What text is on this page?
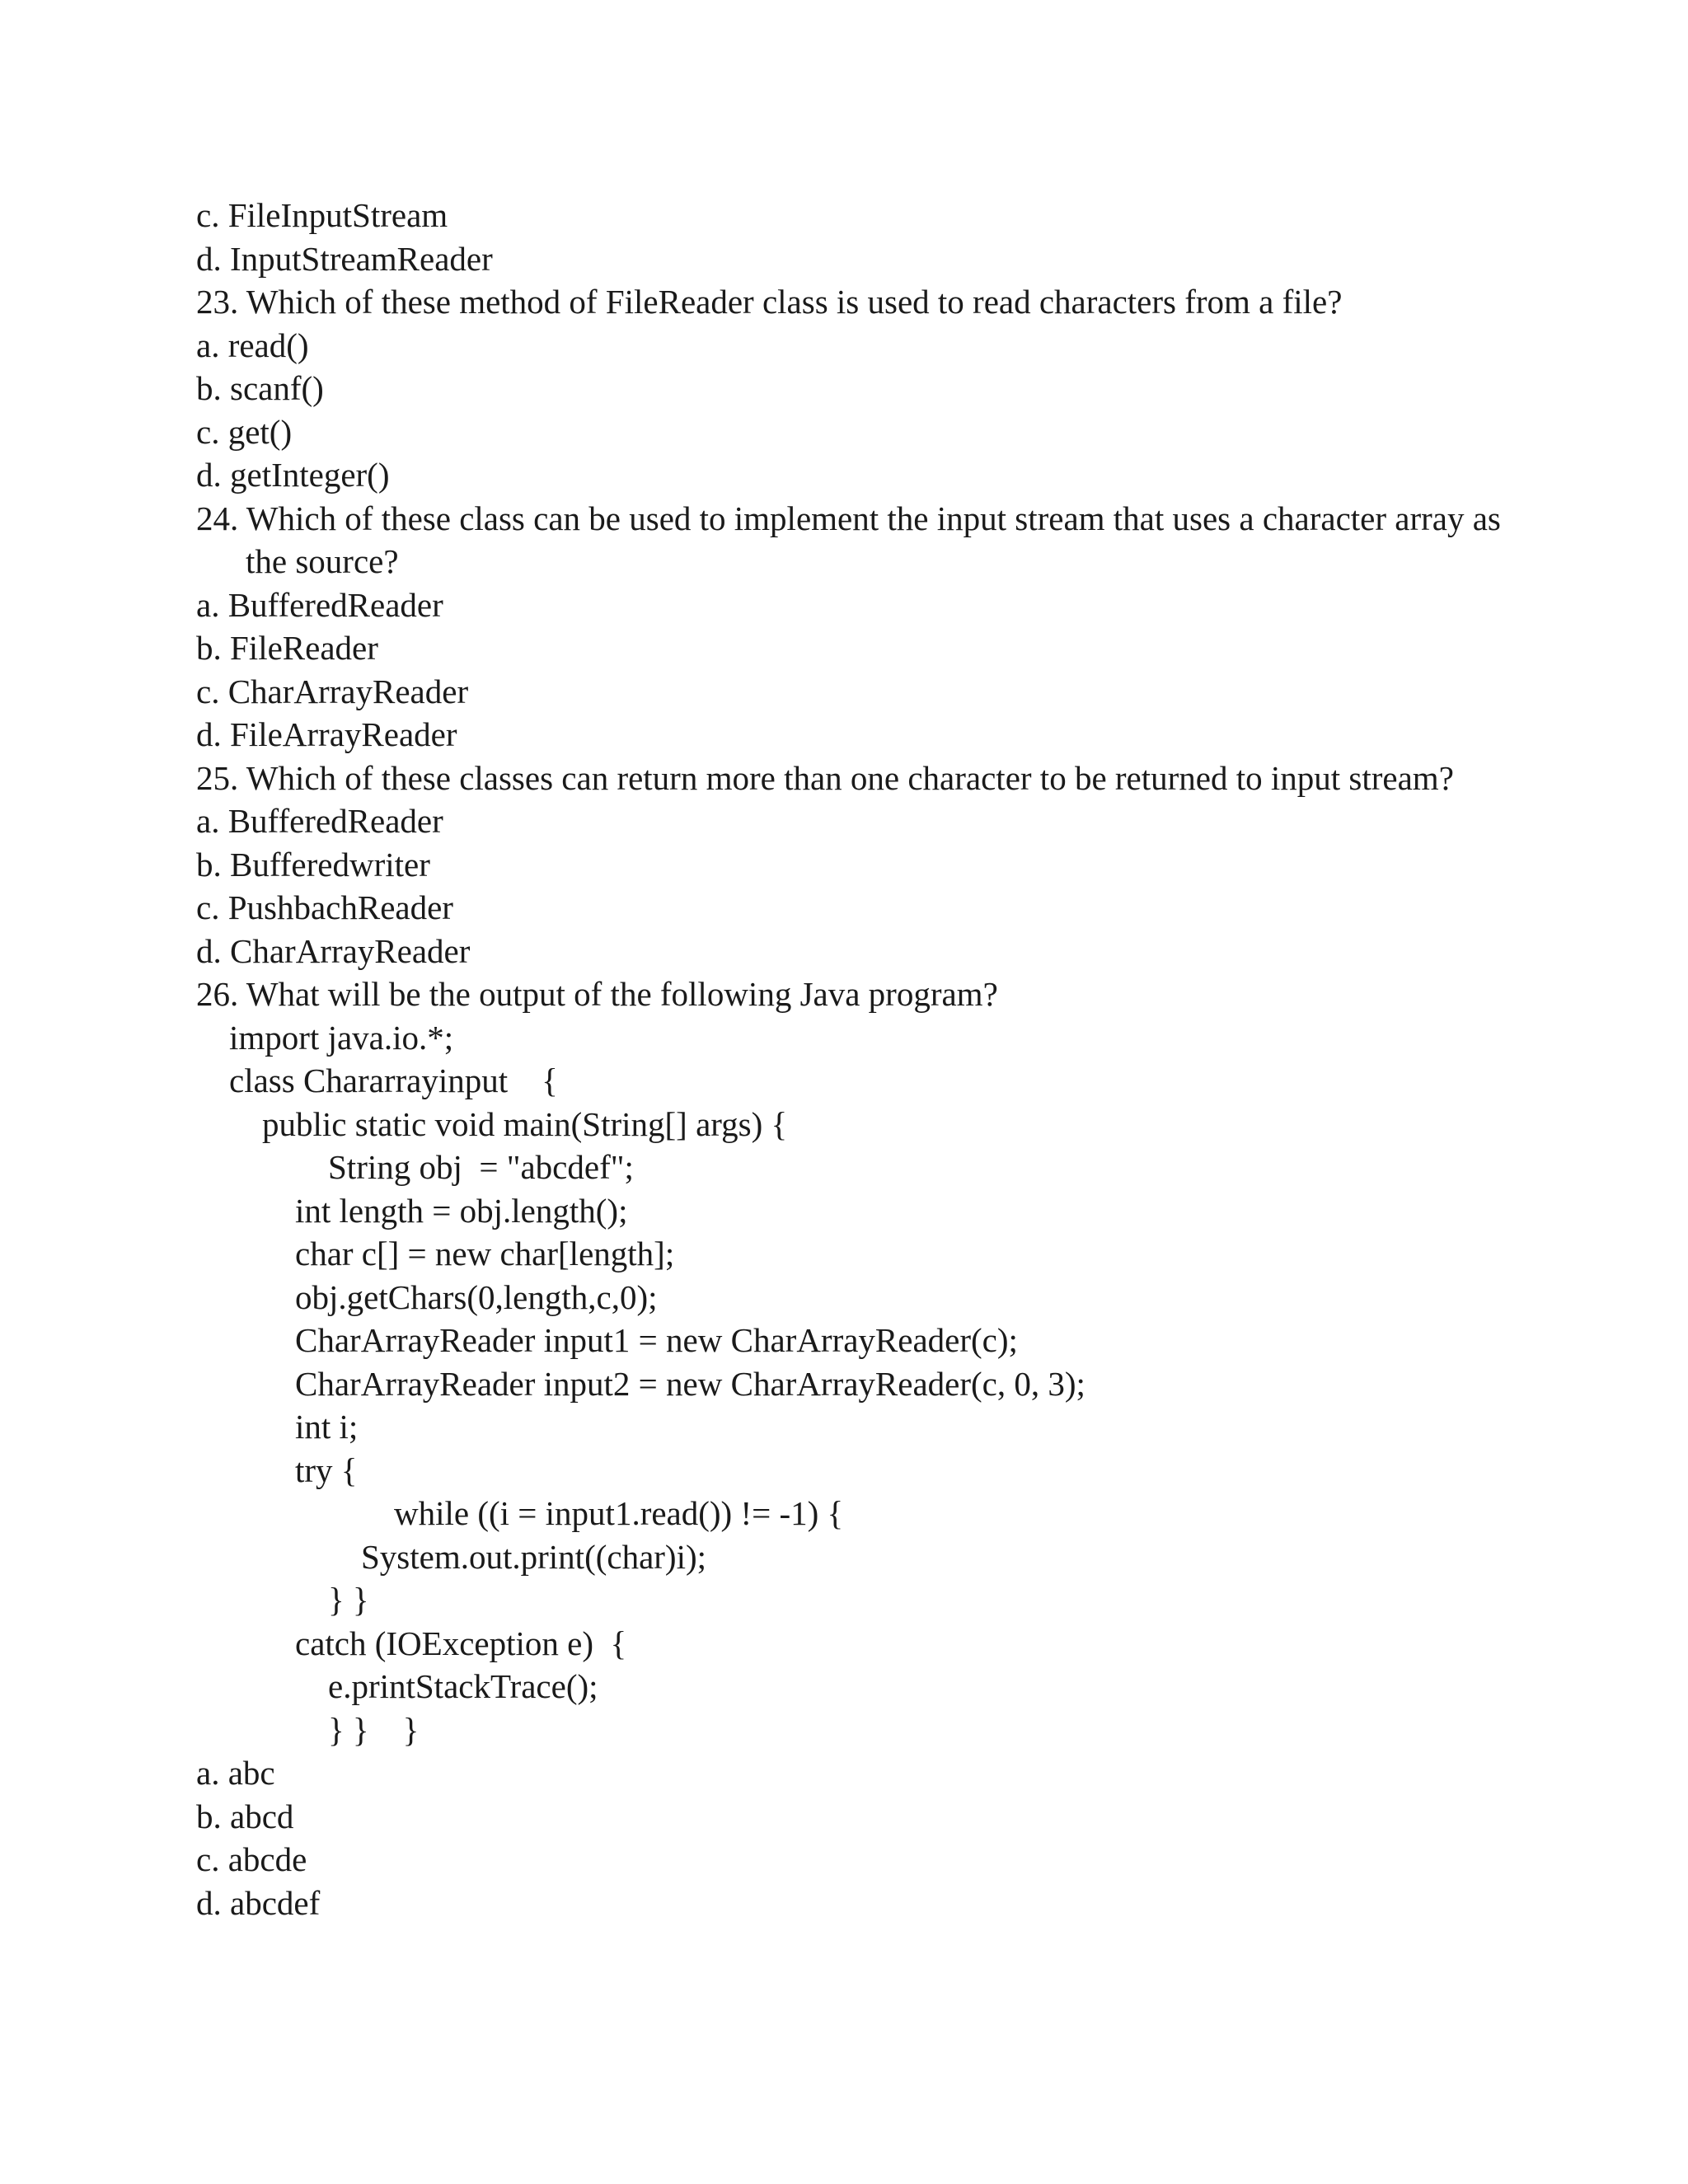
c. FileInputStream
d. InputStreamReader
23. Which of these method of FileReader class is used to read characters from a file?
a. read()
b. scanf()
c. get()
d. getInteger()
24. Which of these class can be used to implement the input stream that uses a character array as
the source?
a. BufferedReader
b. FileReader
c. CharArrayReader
d. FileArrayReader
25. Which of these classes can return more than one character to be returned to input stream?
a. BufferedReader
b. Bufferedwriter
c. PushbachReader
d. CharArrayReader
26. What will be the output of the following Java program?
import java.io.*;
class Chararrayinput    {
public static void main(String[] args) {
String obj  = "abcdef";
int length = obj.length();
char c[] = new char[length];
obj.getChars(0,length,c,0);
CharArrayReader input1 = new CharArrayReader(c);
CharArrayReader input2 = new CharArrayReader(c, 0, 3);
int i;
try {
while ((i = input1.read()) != -1) {
System.out.print((char)i);
} }
catch (IOException e)  {
e.printStackTrace();
} }    }
a. abc
b. abcd
c. abcde
d. abcdef
